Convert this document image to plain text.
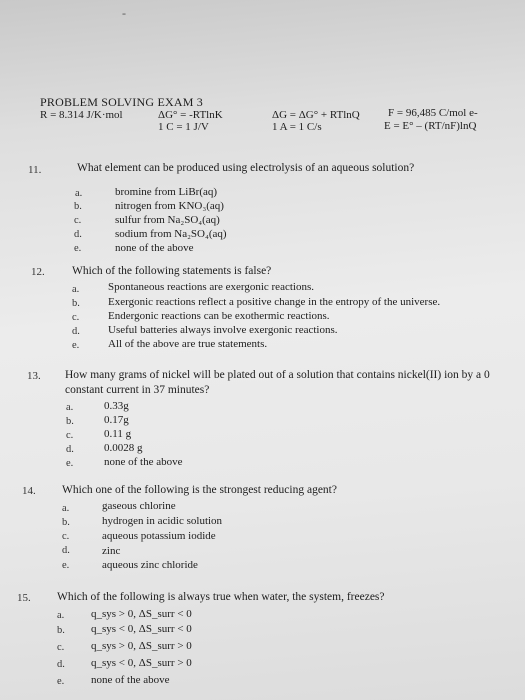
-
PROBLEM SOLVING EXAM 3
R = 8.314 J/K·mol	ΔG° = -RTlnK
1 C = 1 J/V
ΔG = ΔG° + RTlnQ
1 A = 1 C/s
F = 96,485 C/mol e-
E = E° – (RT/nF)lnQ
11.	What element can be produced using electrolysis of an aqueous solution?
a.	bromine from LiBr(aq)
b.	nitrogen from KNO₃(aq)
c.	sulfur from Na₂SO₄(aq)
d.	sodium from Na₂SO₄(aq)
e.	none of the above
12. Which of the following statements is false?
a.	Spontaneous reactions are exergonic reactions.
b.	Exergonic reactions reflect a positive change in the entropy of the universe.
c.	Endergonic reactions can be exothermic reactions.
d.	Useful batteries always involve exergonic reactions.
e.	All of the above are true statements.
13. How many grams of nickel will be plated out of a solution that contains nickel(II) ion by a 0
constant current in 37 minutes?
a.	0.33g
b.	0.17g
c.	0.11 g
d.	0.0028 g
e.	none of the above
14. Which one of the following is the strongest reducing agent?
a.	gaseous chlorine
b.	hydrogen in acidic solution
c.	aqueous potassium iodide
d.	zinc
e.	aqueous zinc chloride
15. Which of the following is always true when water, the system, freezes?
a. q_sys > 0, ΔS_surr < 0
b. q_sys < 0, ΔS_surr < 0
c. q_sys > 0, ΔS_surr > 0
d. q_sys < 0, ΔS_surr > 0
e. none of the above
